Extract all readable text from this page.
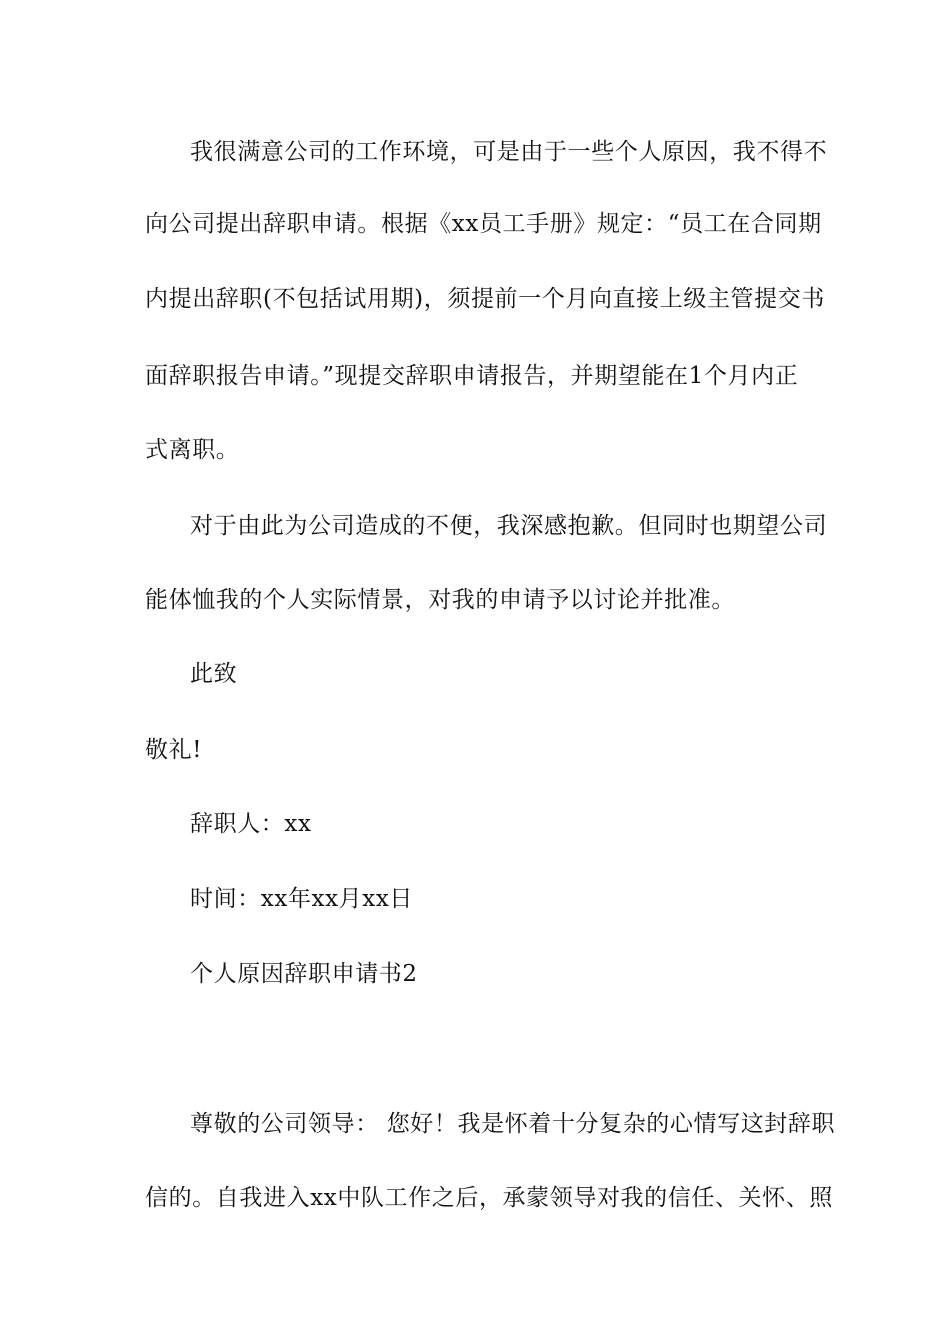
我很满意公司的工作环境，可是由于一些个人原因，我不得不
向公司提出辞职申请。根据《xx员工手册》规定：“员工在合同期
内提出辞职(不包括试用期)，须提前一个月向直接上级主管提交书
面辞职报告申请。”现提交辞职申请报告，并期望能在1个月内正
式离职。
对于由此为公司造成的不便，我深感抱歉。但同时也期望公司
能体恤我的个人实际情景，对我的申请予以讨论并批准。
此致
敬礼!
辞职人：xx
时间：xx年xx月xx日
个人原因辞职申请书2
尊敬的公司领导： 您好！我是怀着十分复杂的心情写这封辞职
信的。自我进入xx中队工作之后，承蒙领导对我的信任、关怀、照
